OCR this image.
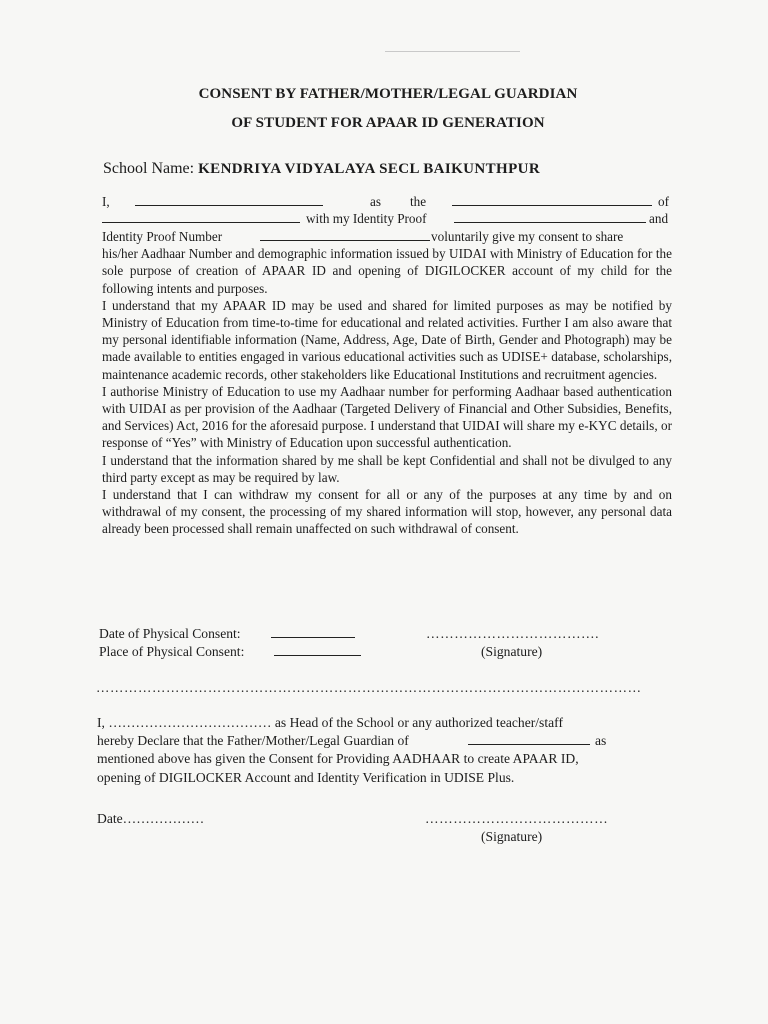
CONSENT BY FATHER/MOTHER/LEGAL GUARDIAN
OF STUDENT FOR APAAR ID GENERATION
School Name: KENDRIYA VIDYALAYA SECL BAIKUNTHPUR
I,	as the	of
with my Identity Proof	and
Identity Proof Number	voluntarily give my consent to share

his/her Aadhaar Number and demographic information issued by UIDAI with Ministry of Education for the sole purpose of creation of APAAR ID and opening of DIGILOCKER account of my child for the following intents and purposes.

I understand that my APAAR ID may be used and shared for limited purposes as may be notified by Ministry of Education from time-to-time for educational and related activities. Further I am also aware that my personal identifiable information (Name, Address, Age, Date of Birth, Gender and Photograph) may be made available to entities engaged in various educational activities such as UDISE+ database, scholarships, maintenance academic records, other stakeholders like Educational Institutions and recruitment agencies.

I authorise Ministry of Education to use my Aadhaar number for performing Aadhaar based authentication with UIDAI as per provision of the Aadhaar (Targeted Delivery of Financial and Other Subsidies, Benefits, and Services) Act, 2016 for the aforesaid purpose. I understand that UIDAI will share my e-KYC details, or response of “Yes” with Ministry of Education upon successful authentication.

I understand that the information shared by me shall be kept Confidential and shall not be divulged to any third party except as may be required by law.

I understand that I can withdraw my consent for all or any of the purposes at any time by and on withdrawal of my consent, the processing of my shared information will stop, however, any personal data already been processed shall remain unaffected on such withdrawal of consent.

Date of Physical Consent:	……………………………….
Place of Physical Consent:	(Signature)
………………………………………………………………………………………………………
I, ……………………………… as Head of the School or any authorized teacher/staff
hereby Declare that the Father/Mother/Legal Guardian of	as
mentioned above has given the Consent for Providing AADHAAR to create APAAR ID,
opening of DIGILOCKER Account and Identity Verification in UDISE Plus.
Date………………	…………………………………
(Signature)
